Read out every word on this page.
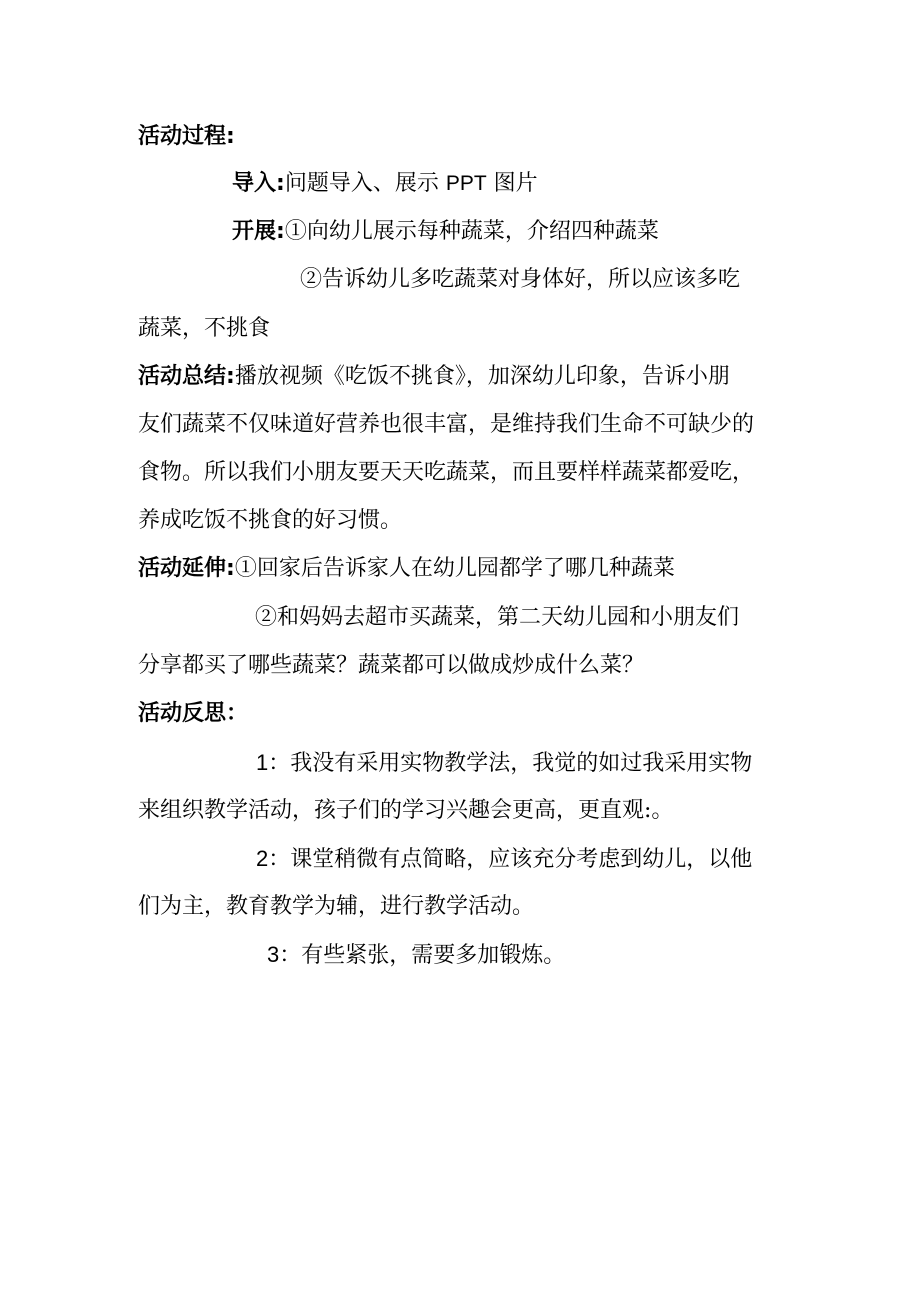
活动过程:
导入:问题导入、展示 PPT 图片
开展:①向幼儿展示每种蔬菜，介绍四种蔬菜
②告诉幼儿多吃蔬菜对身体好，所以应该多吃
蔬菜，不挑食
活动总结:播放视频《吃饭不挑食》，加深幼儿印象，告诉小朋
友们蔬菜不仅味道好营养也很丰富，是维持我们生命不可缺少的
食物。所以我们小朋友要天天吃蔬菜，而且要样样蔬菜都爱吃，
养成吃饭不挑食的好习惯。
活动延伸:①回家后告诉家人在幼儿园都学了哪几种蔬菜
②和妈妈去超市买蔬菜，第二天幼儿园和小朋友们
分享都买了哪些蔬菜？蔬菜都可以做成炒成什么菜？
活动反思：
1：我没有采用实物教学法，我觉的如过我采用实物
来组织教学活动，孩子们的学习兴趣会更高，更直观:。
2：课堂稍微有点简略，应该充分考虑到幼儿，以他
们为主，教育教学为辅，进行教学活动。
3：有些紧张，需要多加锻炼。
